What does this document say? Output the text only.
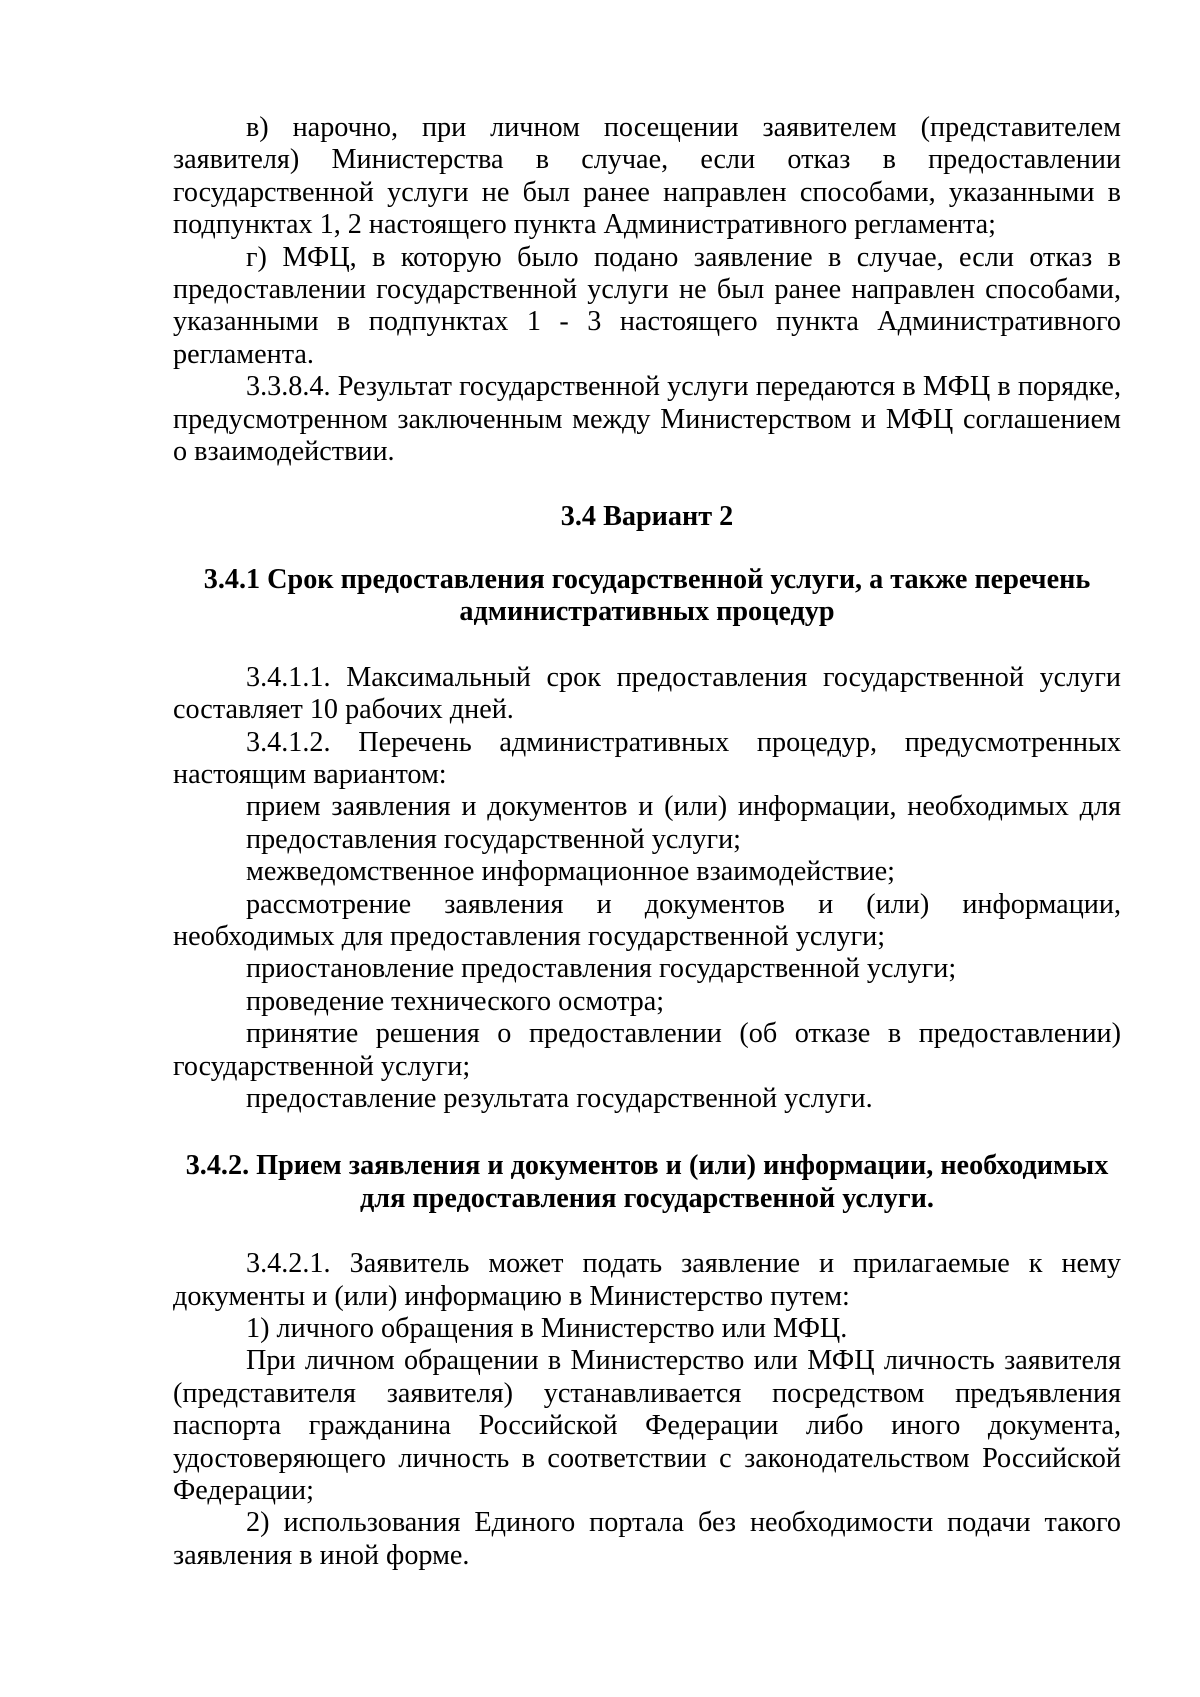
в) нарочно, при личном посещении заявителем (представителем заявителя) Министерства в случае, если отказ в предоставлении государственной услуги не был ранее направлен способами, указанными в подпунктах 1, 2 настоящего пункта Административного регламента;

г) МФЦ, в которую было подано заявление в случае, если отказ в предоставлении государственной услуги не был ранее направлен способами, указанными в подпунктах 1 - 3 настоящего пункта Административного регламента.

3.3.8.4. Результат государственной услуги передаются в МФЦ в порядке, предусмотренном заключенным между Министерством и МФЦ соглашением о взаимодействии.

3.4 Вариант 2

3.4.1 Срок предоставления государственной услуги, а также перечень
административных процедур

3.4.1.1. Максимальный срок предоставления государственной услуги составляет 10 рабочих дней.

3.4.1.2. Перечень административных процедур, предусмотренных настоящим вариантом:

прием заявления и документов и (или) информации, необходимых для предоставления государственной услуги;

межведомственное информационное взаимодействие;

рассмотрение заявления и документов и (или) информации, необходимых для предоставления государственной услуги;

приостановление предоставления государственной услуги;

проведение технического осмотра;

принятие решения о предоставлении (об отказе в предоставлении) государственной услуги;

предоставление результата государственной услуги.

3.4.2. Прием заявления и документов и (или) информации, необходимых
для предоставления государственной услуги.

3.4.2.1. Заявитель может подать заявление и прилагаемые к нему документы и (или) информацию в Министерство путем:

1) личного обращения в Министерство или МФЦ.

При личном обращении в Министерство или МФЦ личность заявителя (представителя заявителя) устанавливается посредством предъявления паспорта гражданина Российской Федерации либо иного документа, удостоверяющего личность в соответствии с законодательством Российской Федерации;

2) использования Единого портала без необходимости подачи такого заявления в иной форме.
